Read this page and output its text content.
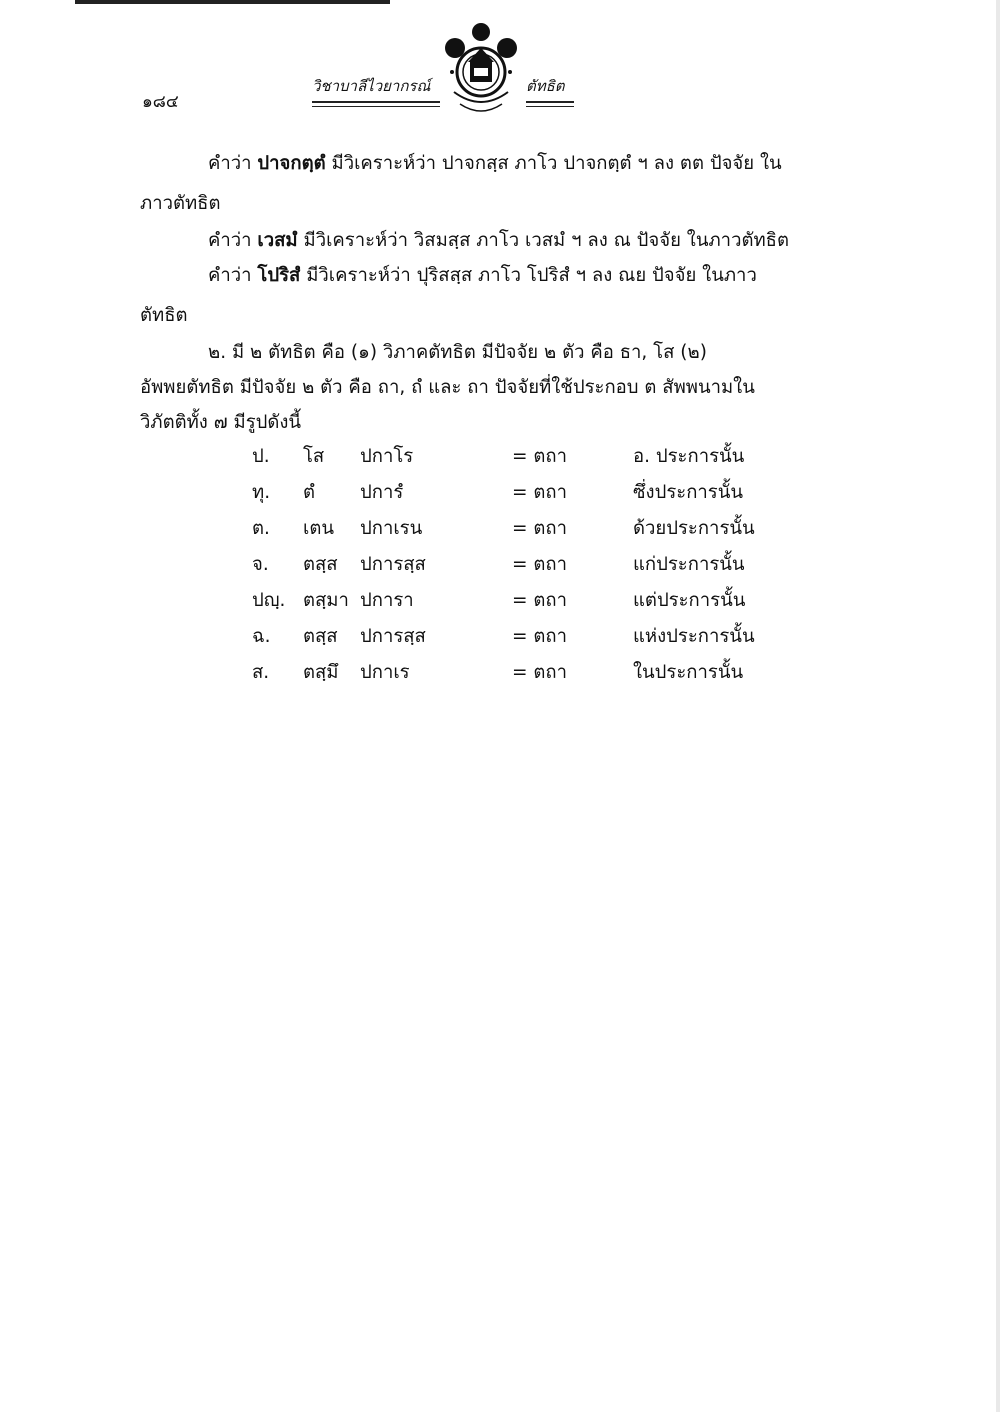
๑๘๔
วิชาบาลีไวยากรณ์	ตัทธิต
คำว่า ปาจกตฺตํ มีวิเคราะห์ว่า ปาจกสฺส ภาโว ปาจกตฺตํ ฯ ลง ตต ปัจจัย ใน
ภาวตัทธิต
คำว่า เวสมํ มีวิเคราะห์ว่า วิสมสฺส ภาโว เวสมํ ฯ ลง ณ ปัจจัย ในภาวตัทธิต
คำว่า โปริสํ มีวิเคราะห์ว่า ปุริสสฺส ภาโว โปริสํ ฯ ลง ณย ปัจจัย ในภาว
ตัทธิต
๒. มี ๒ ตัทธิต คือ (๑) วิภาคตัทธิต มีปัจจัย ๒ ตัว คือ ธา, โส (๒)
อัพพยตัทธิต มีปัจจัย ๒ ตัว คือ ถา, ถํ และ ถา ปัจจัยที่ใช้ประกอบ ต สัพพนามใน
วิภัตติทั้ง ๗ มีรูปดังนี้
ป. โส ปกาโร	= ตถา	อ. ประการนั้น
ทุ. ตํ ปการํ	= ตถา	ซึ่งประการนั้น
ต. เตน ปกาเรน	= ตถา	ด้วยประการนั้น
จ. ตสฺส ปการสฺส	= ตถา	แก่ประการนั้น
ปญฺ. ตสฺมา ปการา	= ตถา	แต่ประการนั้น
ฉ. ตสฺส ปการสฺส	= ตถา	แห่งประการนั้น
ส. ตสฺมึ ปกาเร	= ตถา	ในประการนั้น
